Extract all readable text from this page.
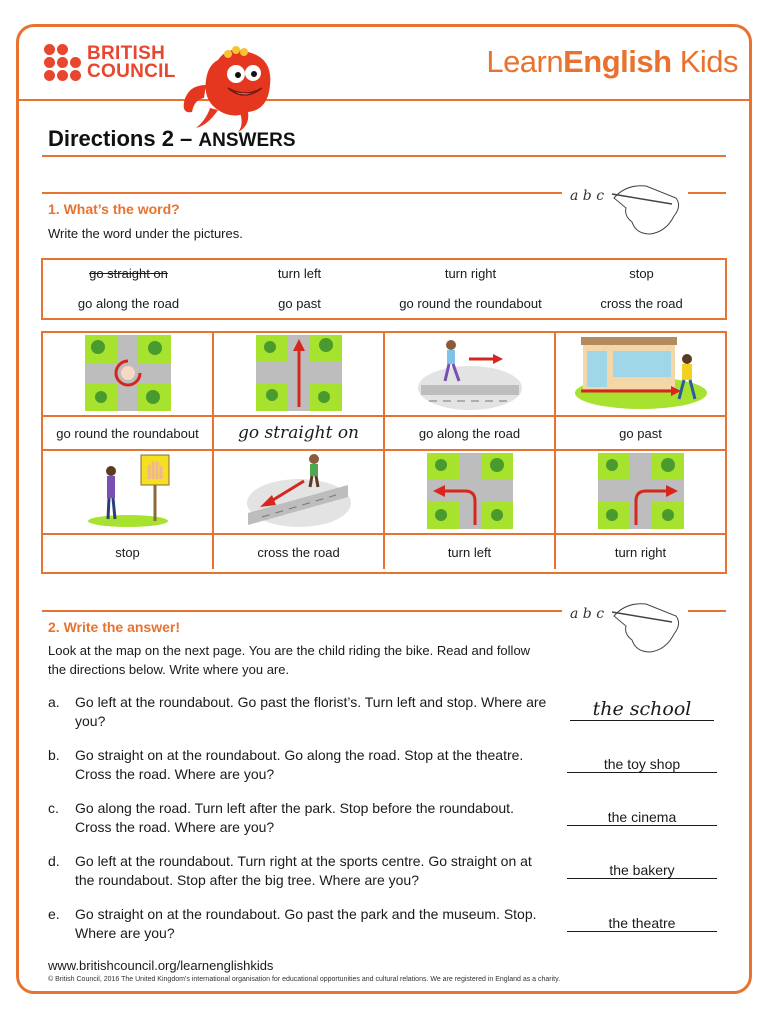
BRITISH
COUNCIL	LearnEnglish Kids
Directions 2 – ANSWERS
a b c
1. What’s the word?
Write the word under the pictures.
go straight on	turn left	turn right	stop
go along the road	go past	go round the roundabout	cross the road
go round the roundabout	go straight on	go along the road	go past
stop	cross the road	turn left	turn right
a b c
2. Write the answer!
Look at the map on the next page. You are the child riding the bike. Read and follow the directions below. Write where you are.
a. Go left at the roundabout. Go past the florist’s. Turn left and stop. Where are you?
the school
b. Go straight on at the roundabout. Go along the road. Stop at the theatre. Cross the road. Where are you?
the toy shop
c. Go along the road. Turn left after the park. Stop before the roundabout. Cross the road. Where are you?
the cinema
d. Go left at the roundabout. Turn right at the sports centre. Go straight on at the roundabout. Stop after the big tree. Where are you?
the bakery
e. Go straight on at the roundabout. Go past the park and the museum. Stop. Where are you?
the theatre
www.britishcouncil.org/learnenglishkids
© British Council, 2016 The United Kingdom’s international organisation for educational opportunities and cultural relations. We are registered in England as a charity.
